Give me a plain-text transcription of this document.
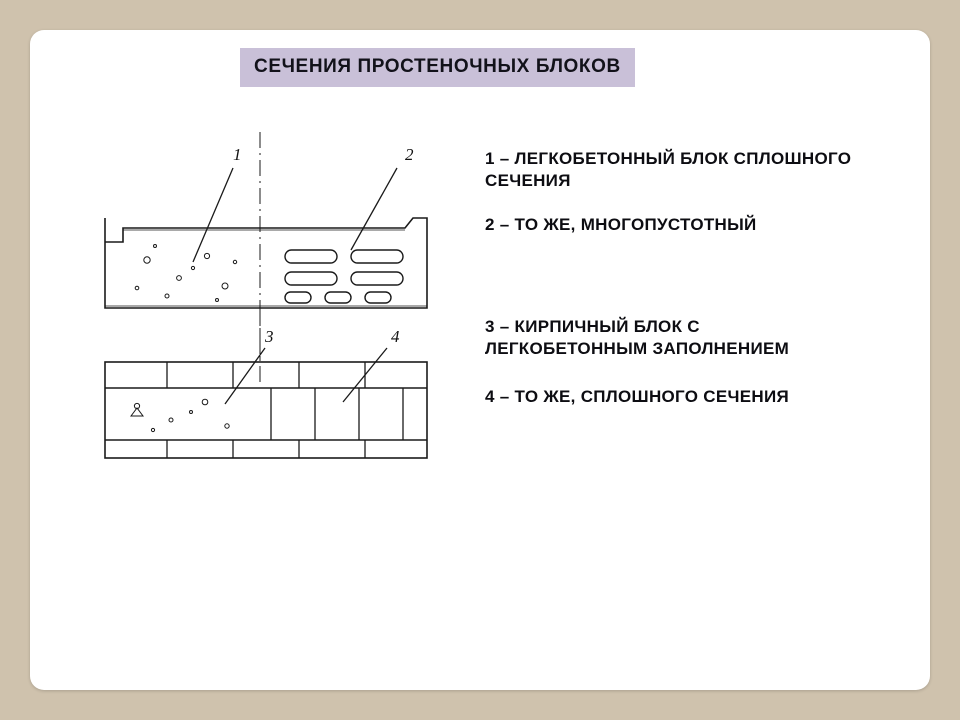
СЕЧЕНИЯ ПРОСТЕНОЧНЫХ БЛОКОВ
1	2
3	4
1 – ЛЕГКОБЕТОННЫЙ БЛОК СПЛОШНОГО СЕЧЕНИЯ
2 – ТО ЖЕ, МНОГОПУСТОТНЫЙ
3 – КИРПИЧНЫЙ БЛОК С ЛЕГКОБЕТОННЫМ ЗАПОЛНЕНИЕМ
4 – ТО ЖЕ, СПЛОШНОГО СЕЧЕНИЯ
